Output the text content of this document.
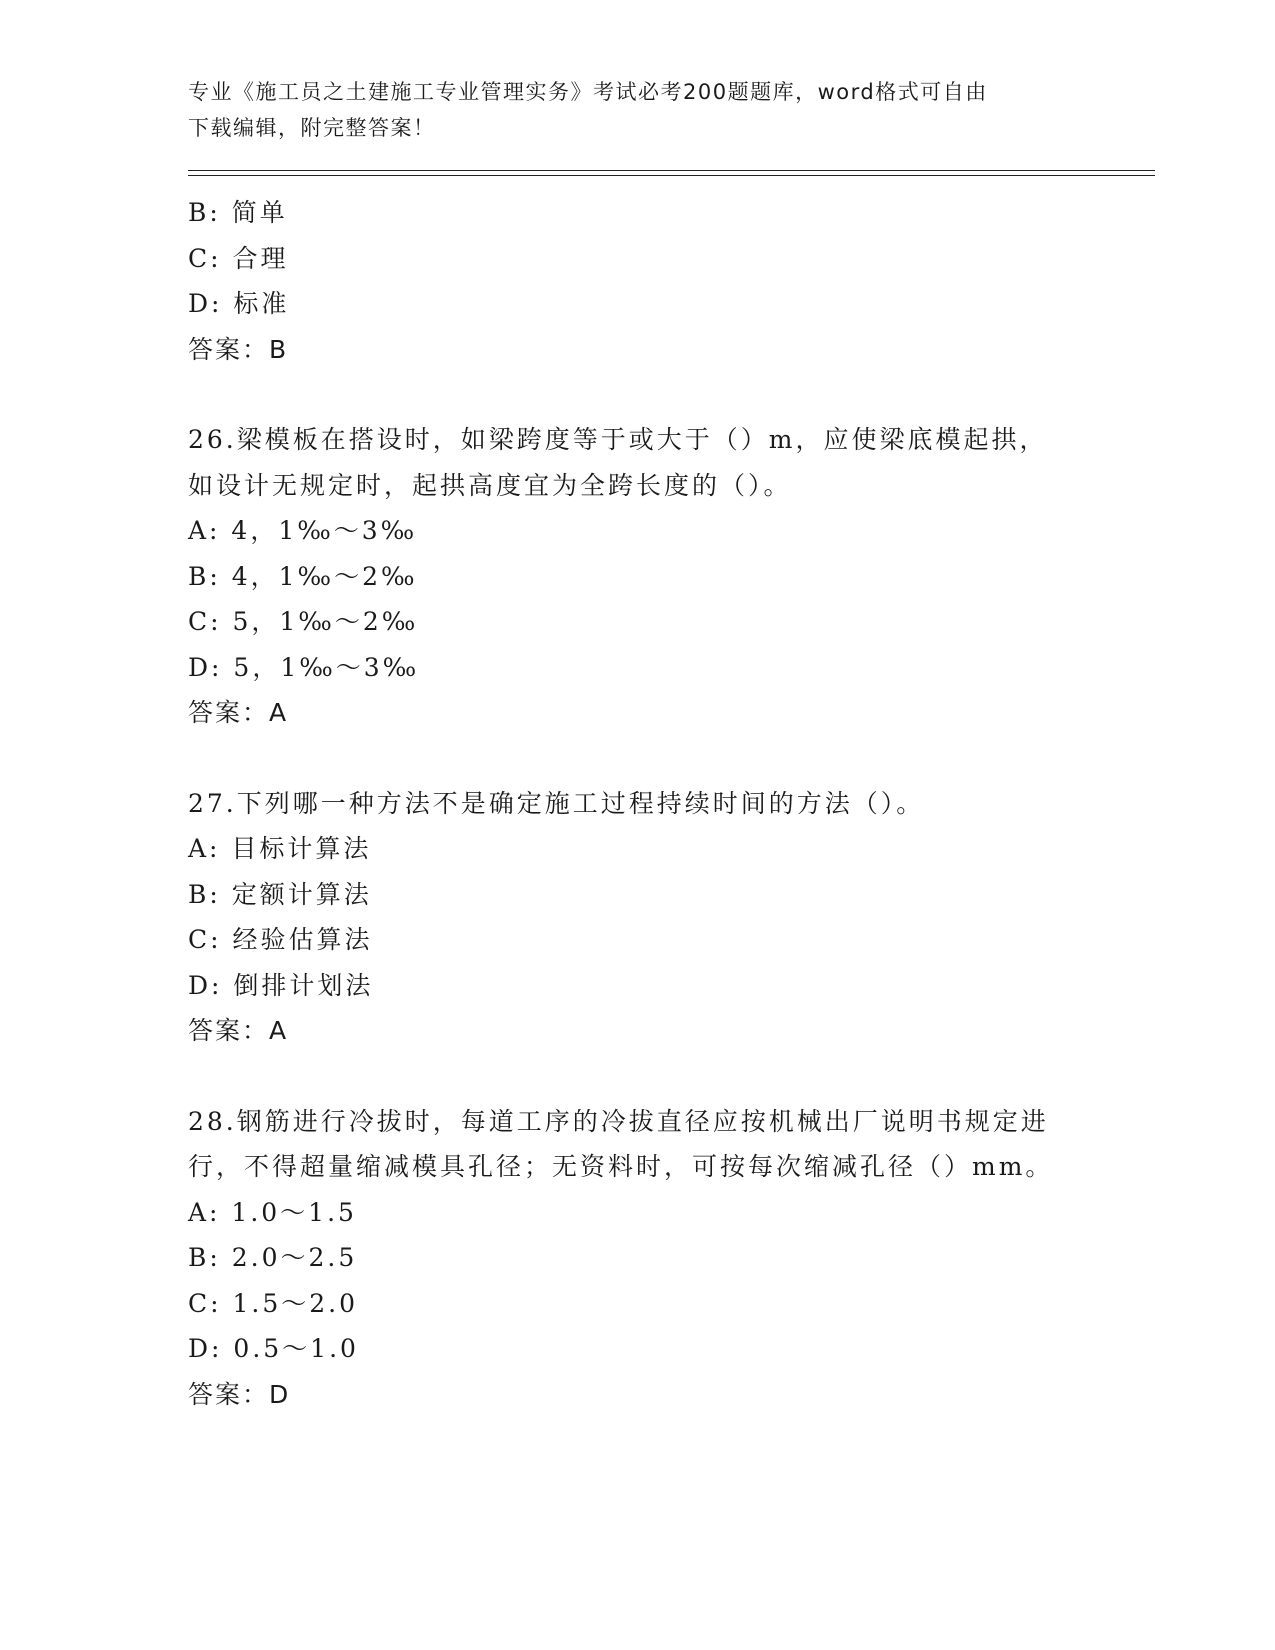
专业《施工员之土建施工专业管理实务》考试必考200题题库，word格式可自由
下载编辑，附完整答案！
B: 简单
C: 合理
D: 标准
答案：B
26.梁模板在搭设时，如梁跨度等于或大于（）m，应使梁底模起拱，
如设计无规定时，起拱高度宜为全跨长度的（）。
A: 4，1‰～3‰
B: 4，1‰～2‰
C: 5，1‰～2‰
D: 5，1‰～3‰
答案：A
27.下列哪一种方法不是确定施工过程持续时间的方法（）。
A: 目标计算法
B: 定额计算法
C: 经验估算法
D: 倒排计划法
答案：A
28.钢筋进行冷拔时，每道工序的冷拔直径应按机械出厂说明书规定进
行，不得超量缩减模具孔径；无资料时，可按每次缩减孔径（）mm。
A: 1.0～1.5
B: 2.0～2.5
C: 1.5～2.0
D: 0.5～1.0
答案：D
